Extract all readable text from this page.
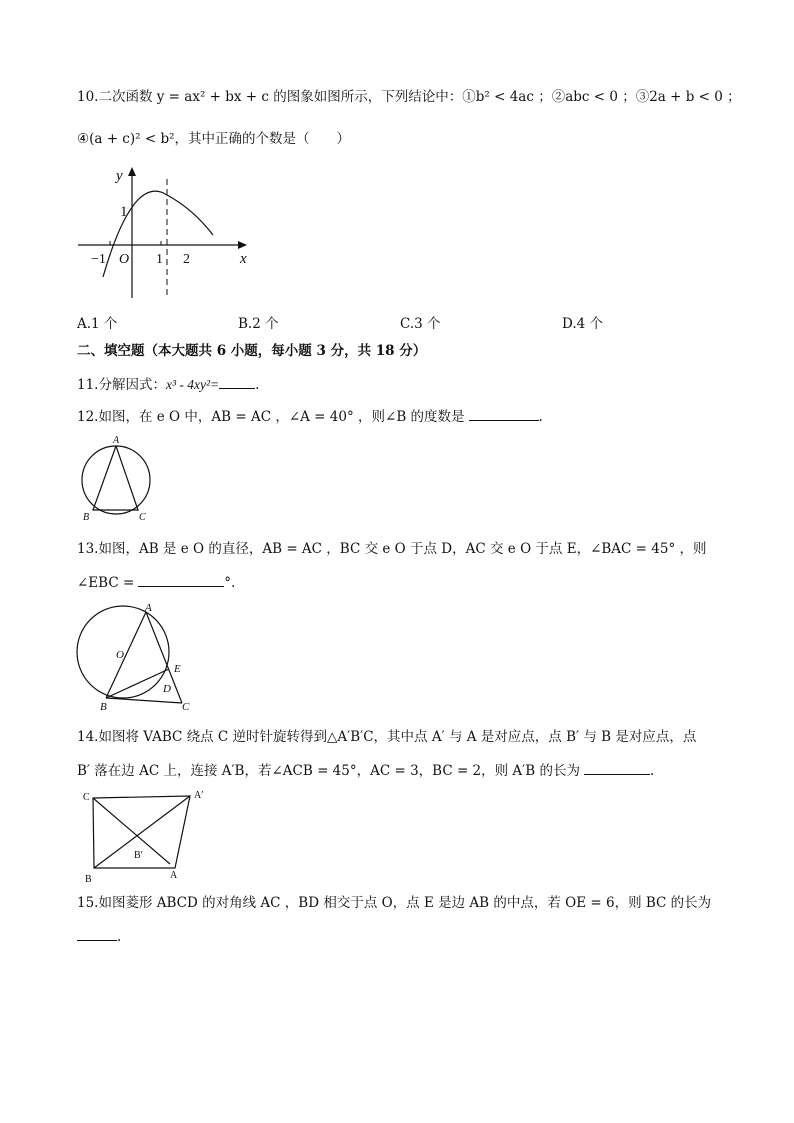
10.二次函数 y = ax² + bx + c 的图象如图所示，下列结论中：①b² < 4ac ；②abc < 0 ；③2a + b < 0 ；
④(a + c)² < b²，其中正确的个数是（　　）
y
x
O
−1	1 2
1
A.1 个	B.2 个	C.3 个	D.4 个
二、填空题（本大题共 6 小题，每小题 3 分，共 18 分）
11.分解因式：x³ - 4xy²=	.
12.如图，在 e O 中，AB = AC ，∠A = 40° ，则∠B 的度数是	.
A
B	C
13.如图，AB 是 e O 的直径，AB = AC ，BC 交 e O 于点 D，AC 交 e O 于点 E，∠BAC = 45° ，则
∠EBC =	°.
A
O
E
B
D
C
14.如图将 VABC 绕点 C 逆时针旋转得到△A′B′C，其中点 A′ 与 A 是对应点，点 B′ 与 B 是对应点，点
B′ 落在边 AC 上，连接 A′B，若∠ACB = 45°，AC = 3，BC = 2，则 A′B 的长为	.
C	A′
B′
B	A
15.如图菱形 ABCD 的对角线 AC ，BD 相交于点 O，点 E 是边 AB 的中点，若 OE = 6，则 BC 的长为
.
